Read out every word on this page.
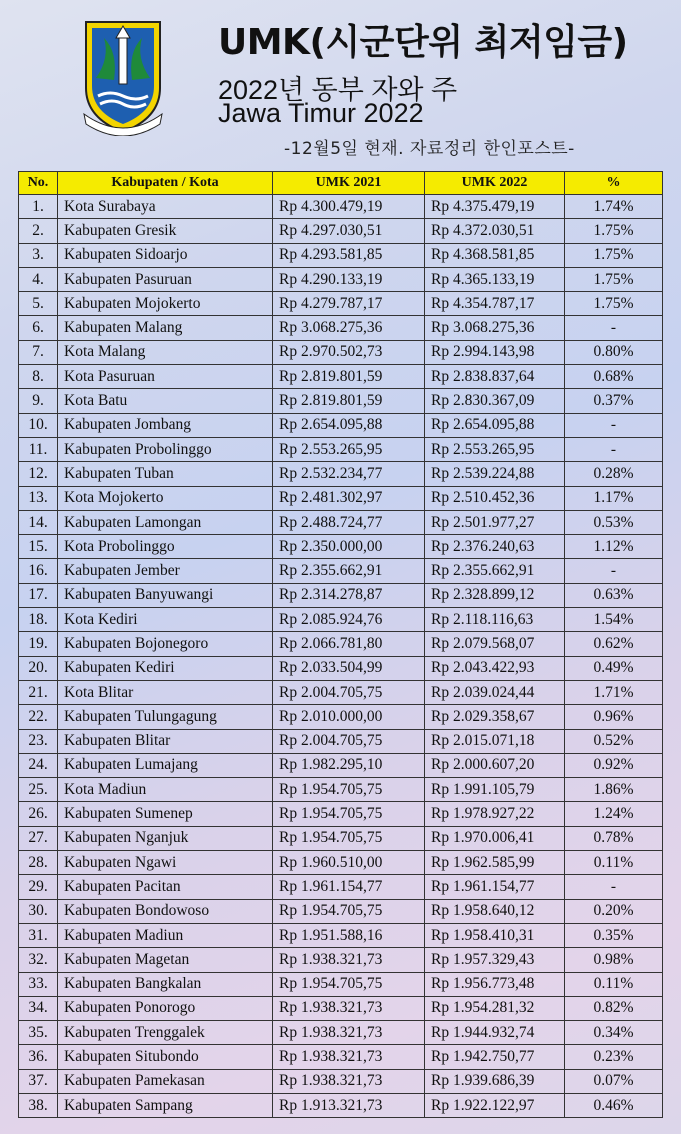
UMK(시군단위 최저임금)
2022년 동부 자와 주
Jawa Timur 2022
-12월5일 현재. 자료정리 한인포스트-
No.	Kabupaten / Kota	UMK 2021	UMK 2022	%
1.	Kota Surabaya	Rp 4.300.479,19	Rp 4.375.479,19	1.74%
2.	Kabupaten Gresik	Rp 4.297.030,51	Rp 4.372.030,51	1.75%
3.	Kabupaten Sidoarjo	Rp 4.293.581,85	Rp 4.368.581,85	1.75%
4.	Kabupaten Pasuruan	Rp 4.290.133,19	Rp 4.365.133,19	1.75%
5.	Kabupaten Mojokerto	Rp 4.279.787,17	Rp 4.354.787,17	1.75%
6.	Kabupaten Malang	Rp 3.068.275,36	Rp 3.068.275,36	-
7.	Kota Malang	Rp 2.970.502,73	Rp 2.994.143,98	0.80%
8.	Kota Pasuruan	Rp 2.819.801,59	Rp 2.838.837,64	0.68%
9.	Kota Batu	Rp 2.819.801,59	Rp 2.830.367,09	0.37%
10.	Kabupaten Jombang	Rp 2.654.095,88	Rp 2.654.095,88	-
11.	Kabupaten Probolinggo	Rp 2.553.265,95	Rp 2.553.265,95	-
12.	Kabupaten Tuban	Rp 2.532.234,77	Rp 2.539.224,88	0.28%
13.	Kota Mojokerto	Rp 2.481.302,97	Rp 2.510.452,36	1.17%
14.	Kabupaten Lamongan	Rp 2.488.724,77	Rp 2.501.977,27	0.53%
15.	Kota Probolinggo	Rp 2.350.000,00	Rp 2.376.240,63	1.12%
16.	Kabupaten Jember	Rp 2.355.662,91	Rp 2.355.662,91	-
17.	Kabupaten Banyuwangi	Rp 2.314.278,87	Rp 2.328.899,12	0.63%
18.	Kota Kediri	Rp 2.085.924,76	Rp 2.118.116,63	1.54%
19.	Kabupaten Bojonegoro	Rp 2.066.781,80	Rp 2.079.568,07	0.62%
20.	Kabupaten Kediri	Rp 2.033.504,99	Rp 2.043.422,93	0.49%
21.	Kota Blitar	Rp 2.004.705,75	Rp 2.039.024,44	1.71%
22.	Kabupaten Tulungagung	Rp 2.010.000,00	Rp 2.029.358,67	0.96%
23.	Kabupaten Blitar	Rp 2.004.705,75	Rp 2.015.071,18	0.52%
24.	Kabupaten Lumajang	Rp 1.982.295,10	Rp 2.000.607,20	0.92%
25.	Kota Madiun	Rp 1.954.705,75	Rp 1.991.105,79	1.86%
26.	Kabupaten Sumenep	Rp 1.954.705,75	Rp 1.978.927,22	1.24%
27.	Kabupaten Nganjuk	Rp 1.954.705,75	Rp 1.970.006,41	0.78%
28.	Kabupaten Ngawi	Rp 1.960.510,00	Rp 1.962.585,99	0.11%
29.	Kabupaten Pacitan	Rp 1.961.154,77	Rp 1.961.154,77	-
30.	Kabupaten Bondowoso	Rp 1.954.705,75	Rp 1.958.640,12	0.20%
31.	Kabupaten Madiun	Rp 1.951.588,16	Rp 1.958.410,31	0.35%
32.	Kabupaten Magetan	Rp 1.938.321,73	Rp 1.957.329,43	0.98%
33.	Kabupaten Bangkalan	Rp 1.954.705,75	Rp 1.956.773,48	0.11%
34.	Kabupaten Ponorogo	Rp 1.938.321,73	Rp 1.954.281,32	0.82%
35.	Kabupaten Trenggalek	Rp 1.938.321,73	Rp 1.944.932,74	0.34%
36.	Kabupaten Situbondo	Rp 1.938.321,73	Rp 1.942.750,77	0.23%
37.	Kabupaten Pamekasan	Rp 1.938.321,73	Rp 1.939.686,39	0.07%
38.	Kabupaten Sampang	Rp 1.913.321,73	Rp 1.922.122,97	0.46%
